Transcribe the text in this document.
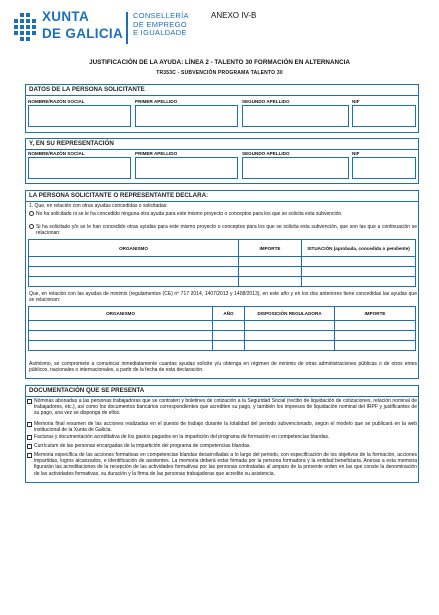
XUNTA
DE GALICIA
CONSELLERÍA
DE EMPREGO
E IGUALDADE
ANEXO IV-B
JUSTIFICACIÓN DE LA AYUDA: LÍNEA 2 - TALENTO 30 FORMACIÓN EN ALTERNANCIA
TR353C - SUBVENCIÓN PROGRAMA TALENTO 30
DATOS DE LA PERSONA SOLICITANTE
NOMBRE/RAZÓN SOCIAL	PRIMER APELLIDO	SEGUNDO APELLIDO	NIF
Y, EN SU REPRESENTACIÓN
NOMBRE/RAZÓN SOCIAL	PRIMER APELLIDO	SEGUNDO APELLIDO	NIF
LA PERSONA SOLICITANTE O REPRESENTANTE DECLARA:
1. Que, en relación con otras ayudas concedidas o solicitadas:
No ha solicitado ni se le ha concedido ninguna otra ayuda para este mismo proyecto o conceptos para los que se solicita esta subvención.
Si ha solicitado y/o se le han concedido otras ayudas para este mismo proyecto o conceptos para los que se solicita esta subvención, que son las que a continuación se relacionan:
ORGANISMO	IMPORTE	SITUACIÓN (aprobada, concedida o pendiente)

Que, en relación con las ayudas de minimis (regulamentos (CE) nº 717 2014, 1407/2013 y 1408/2013), en este año y en los dos anteriores tiene concedidas las ayudas que se relacionan:
ORGANISMO	AÑO	DISPOSICIÓN REGULADORA	IMPORTE

Asimismo, se compromete a comunicar inmediatamente cuantas ayudas solicite y/u obtenga en régimen de minimis de otras administraciones públicas o de otros entes públicos, nacionales o internacionales, a partir de la fecha de esta declaración.
DOCUMENTACIÓN QUE SE PRESENTA
Nóminas abonadas a las personas trabajadoras que se contraten y boletines de cotización a la Seguridad Social (recibo de liquidación de cotizaciones, relación nominal de trabajadores, etc.), así como los documentos bancarios correspondientes que acrediten su pago, y también los impresos de liquidación nominal del IRPF y justificantes de su pago, una vez se disponga de ellos.
Memoria final resumen de las acciones realizadas en el puesto de trabajo durante la totalidad del periodo subvencionado, según el modelo que se publicará en la web institucional de la Xunta de Galicia.
Facturas y documentación acreditativa de los gastos pagados en la impartición del programa de formación en competencias blandas.
Currículum de las personas encargadas de la impartición del programa de competencias blandas.
Memoria específica de las acciones formativas en competencias blandas desarrolladas a lo largo del periodo, con especificación de los objetivos de la formación, acciones impartidas, logros alcanzados, e identificación de asistentes. La memoria deberá estar firmada por la persona formadora y la entidad beneficiaria. Anexas a esta memoria figurarán las acreditaciones de la recepción de las actividades formativas por las personas contratadas al amparo de la presente orden en las que conste la denominación de las actividades formativas, su duración y la firma de las personas trabajadoras que acredite su asistencia.
